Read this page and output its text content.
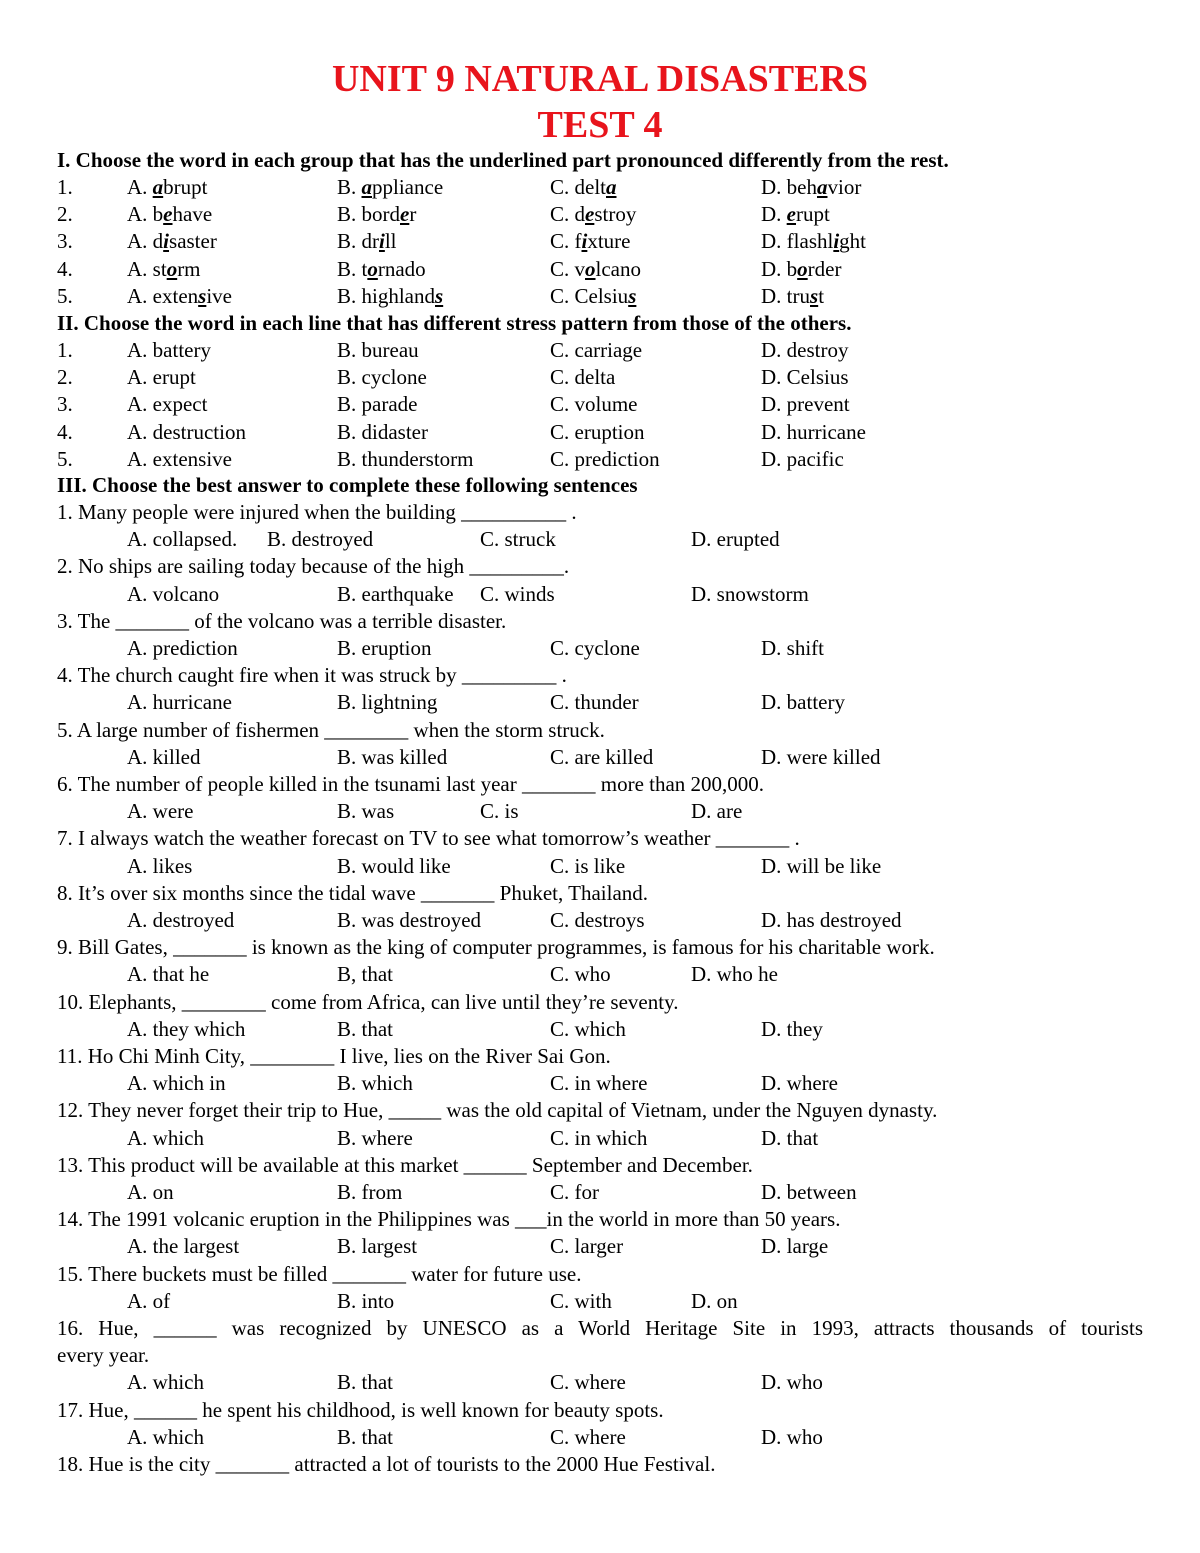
UNIT 9 NATURAL DISASTERS
TEST 4
I. Choose the word in each group that has the underlined part pronounced differently from the rest.
1.	A. abrupt	B. appliance	C. delta	D. behavior
2.	A. behave	B. border	C. destroy	D. erupt
3.	A. disaster	B. drill	C. fixture	D. flashlight
4.	A. storm	B. tornado	C. volcano	D. border
5.	A. extensive	B. highlands	C. Celsius	D. trust
II. Choose the word in each line that has different stress pattern from those of the others.
1.	A. battery	B. bureau	C. carriage	D. destroy
2.	A. erupt	B. cyclone	C. delta	D. Celsius
3.	A. expect	B. parade	C. volume	D. prevent
4.	A. destruction	B. didaster	C. eruption	D. hurricane
5.	A. extensive	B. thunderstorm	C. prediction	D. pacific
III. Choose the best answer to complete these following sentences
1. Many people were injured when the building __________ .
A. collapsed. B. destroyed	C. struck	D. erupted
2. No ships are sailing today because of the high _________.
A. volcano	B. earthquake C. winds	D. snowstorm
3. The _______ of the volcano was a terrible disaster.
A. prediction	B. eruption	C. cyclone	D. shift
4. The church caught fire when it was struck by _________ .
A. hurricane	B. lightning	C. thunder	D. battery
5. A large number of fishermen ________ when the storm struck.
A. killed	B. was killed	C. are killed	D. were killed
6. The number of people killed in the tsunami last year _______ more than 200,000.
A. were	B. was	C. is	D. are
7. I always watch the weather forecast on TV to see what tomorrow’s weather _______ .
A. likes	B. would like	C. is like	D. will be like
8. It’s over six months since the tidal wave _______ Phuket, Thailand.
A. destroyed	B. was destroyed	C. destroys	D. has destroyed
9. Bill Gates, _______ is known as the king of computer programmes, is famous for his charitable work.
A. that he	B, that	C. who	D. who he
10. Elephants, ________ come from Africa, can live until they’re seventy.
A. they which	B. that	C. which	D. they
11. Ho Chi Minh City, ________ I live, lies on the River Sai Gon.
A. which in	B. which	C. in where	D. where
12. They never forget their trip to Hue, _____ was the old capital of Vietnam, under the Nguyen dynasty.
A. which	B. where	C. in which	D. that
13. This product will be available at this market ______ September and December.
A. on	B. from	C. for	D. between
14. The 1991 volcanic eruption in the Philippines was ___in the world in more than 50 years.
A. the largest	B. largest	C. larger	D. large
15. There buckets must be filled _______ water for future use.
A. of	B. into	C. with	D. on
16. Hue, ______ was recognized by UNESCO as a World Heritage Site in 1993, attracts thousands of tourists
every year.
A. which	B. that	C. where	D. who
17. Hue, ______ he spent his childhood, is well known for beauty spots.
A. which	B. that	C. where	D. who
18. Hue is the city _______ attracted a lot of tourists to the 2000 Hue Festival.
